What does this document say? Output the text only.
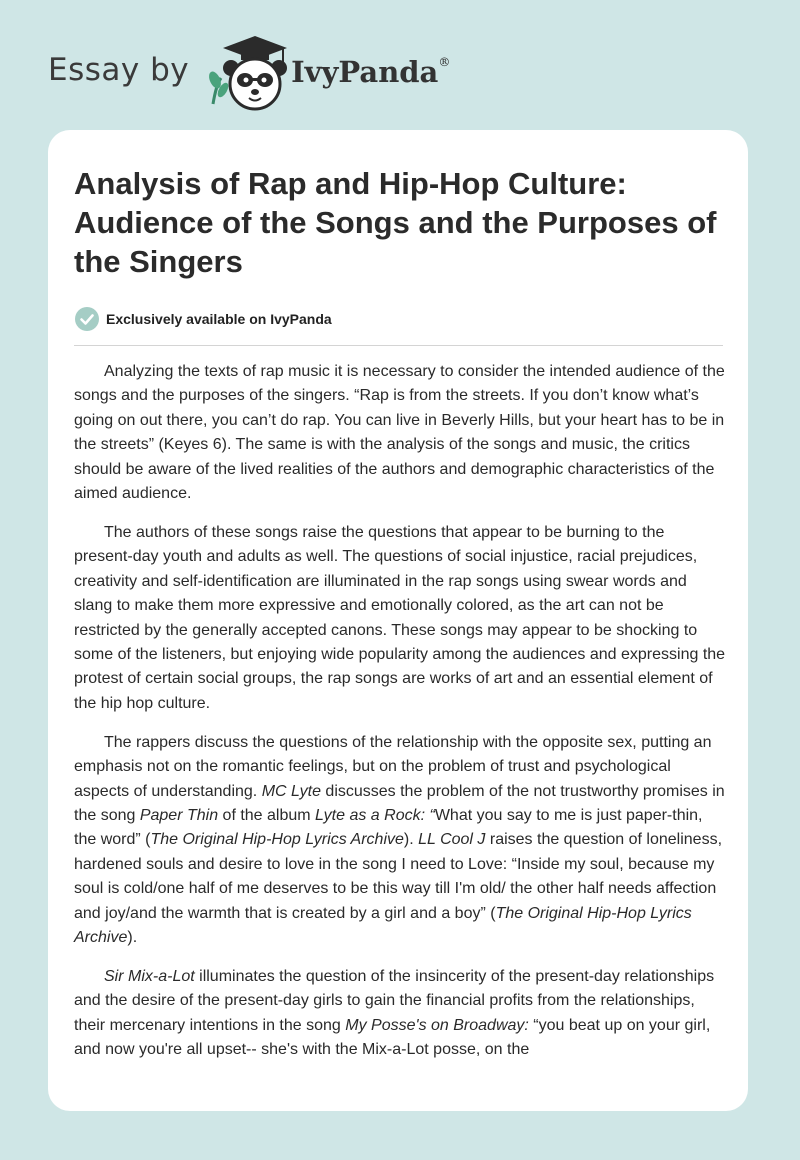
Essay by	IvyPanda®
Analysis of Rap and Hip-Hop Culture: Audience of the Songs and the Purposes of the Singers
Exclusively available on IvyPanda

Analyzing the texts of rap music it is necessary to consider the intended audience of the songs and the purposes of the singers. “Rap is from the streets. If you don’t know what’s going on out there, you can’t do rap. You can live in Beverly Hills, but your heart has to be in the streets” (Keyes 6). The same is with the analysis of the songs and music, the critics should be aware of the lived realities of the authors and demographic characteristics of the aimed audience.

The authors of these songs raise the questions that appear to be burning to the present-day youth and adults as well. The questions of social injustice, racial prejudices, creativity and self-identification are illuminated in the rap songs using swear words and slang to make them more expressive and emotionally colored, as the art can not be restricted by the generally accepted canons. These songs may appear to be shocking to some of the listeners, but enjoying wide popularity among the audiences and expressing the protest of certain social groups, the rap songs are works of art and an essential element of the hip hop culture.

The rappers discuss the questions of the relationship with the opposite sex, putting an emphasis not on the romantic feelings, but on the problem of trust and psychological aspects of understanding. MC Lyte discusses the problem of the not trustworthy promises in the song Paper Thin of the album Lyte as a Rock: “What you say to me is just paper-thin, the word” (The Original Hip-Hop Lyrics Archive). LL Cool J raises the question of loneliness, hardened souls and desire to love in the song I need to Love: “Inside my soul, because my soul is cold/one half of me deserves to be this way till I'm old/ the other half needs affection and joy/and the warmth that is created by a girl and a boy” (The Original Hip-Hop Lyrics Archive).

Sir Mix-a-Lot illuminates the question of the insincerity of the present-day relationships and the desire of the present-day girls to gain the financial profits from the relationships, their mercenary intentions in the song My Posse's on Broadway: “you beat up on your girl, and now you're all upset-- she's with the Mix-a-Lot posse, on the
